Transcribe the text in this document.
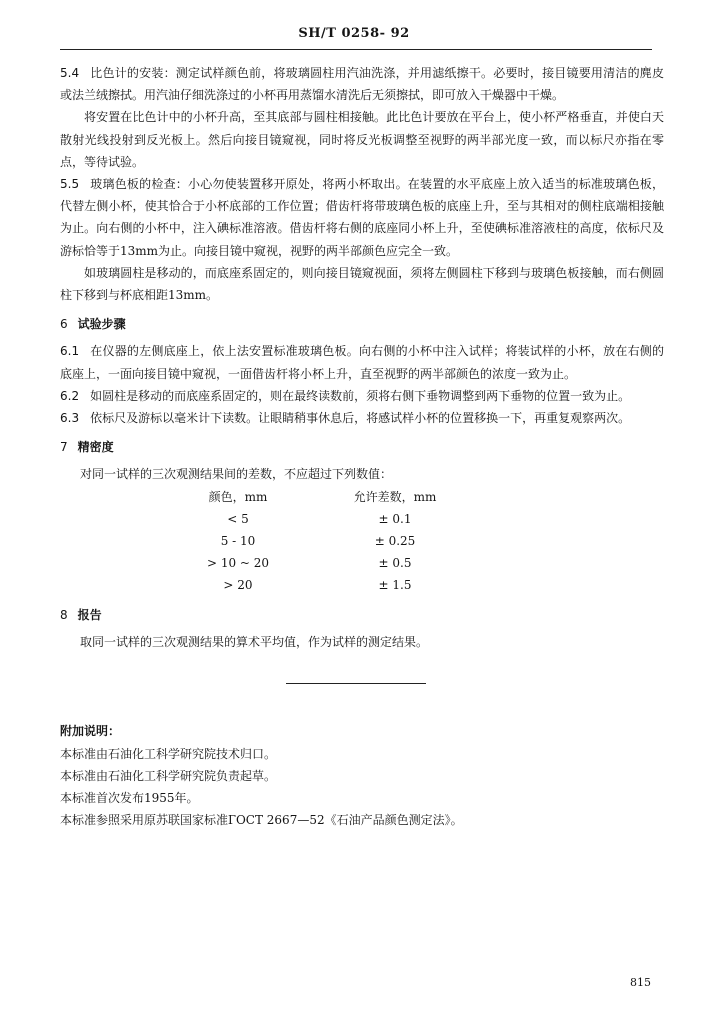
SH/T 0258- 92

5.4 比色计的安装：测定试样颜色前，将玻璃圆柱用汽油洗涤，并用滤纸擦干。必要时，接目镜要用清洁的麂皮或法兰绒擦拭。用汽油仔细洗涤过的小杯再用蒸馏水清洗后无须擦拭，即可放入干燥器中干燥。

将安置在比色计中的小杯升高，至其底部与圆柱相接触。此比色计要放在平台上，使小杯严格垂直，并使白天散射光线投射到反光板上。然后向接目镜窥视，同时将反光板调整至视野的两半部光度一致，而以标尺亦指在零点，等待试验。

5.5 玻璃色板的检查：小心勿使装置移开原处，将两小杯取出。在装置的水平底座上放入适当的标准玻璃色板，代替左侧小杯，使其恰合于小杯底部的工作位置；借齿杆将带玻璃色板的底座上升，至与其相对的侧柱底端相接触为止。向右侧的小杯中，注入碘标准溶液。借齿杆将右侧的底座同小杯上升，至使碘标准溶液柱的高度，依标尺及游标恰等于13mm为止。向接目镜中窥视，视野的两半部颜色应完全一致。

如玻璃圆柱是移动的，而底座系固定的，则向接目镜窥视面，须将左侧圆柱下移到与玻璃色板接触，而右侧圆柱下移到与杯底相距13mm。

6 试验步骤

6.1 在仪器的左侧底座上，依上法安置标准玻璃色板。向右侧的小杯中注入试样；将装试样的小杯，放在右侧的底座上，一面向接目镜中窥视，一面借齿杆将小杯上升，直至视野的两半部颜色的浓度一致为止。

6.2 如圆柱是移动的而底座系固定的，则在最终读数前，须将右侧下垂物调整到两下垂物的位置一致为止。

6.3 依标尺及游标以毫米计下读数。让眼睛稍事休息后，将感试样小杯的位置移换一下，再重复观察两次。

7 精密度

对同一试样的三次观测结果间的差数，不应超过下列数值：

颜色，mm	允许差数，mm
< 5	± 0.1
5 - 10	± 0.25
> 10 ~ 20	± 0.5
> 20	± 1.5

8 报告

取同一试样的三次观测结果的算术平均值，作为试样的测定结果。

附加说明：

本标准由石油化工科学研究院技术归口。

本标准由石油化工科学研究院负责起草。

本标准首次发布1955年。

本标准参照采用原苏联国家标准ГОСТ 2667—52《石油产品颜色测定法》。

815
